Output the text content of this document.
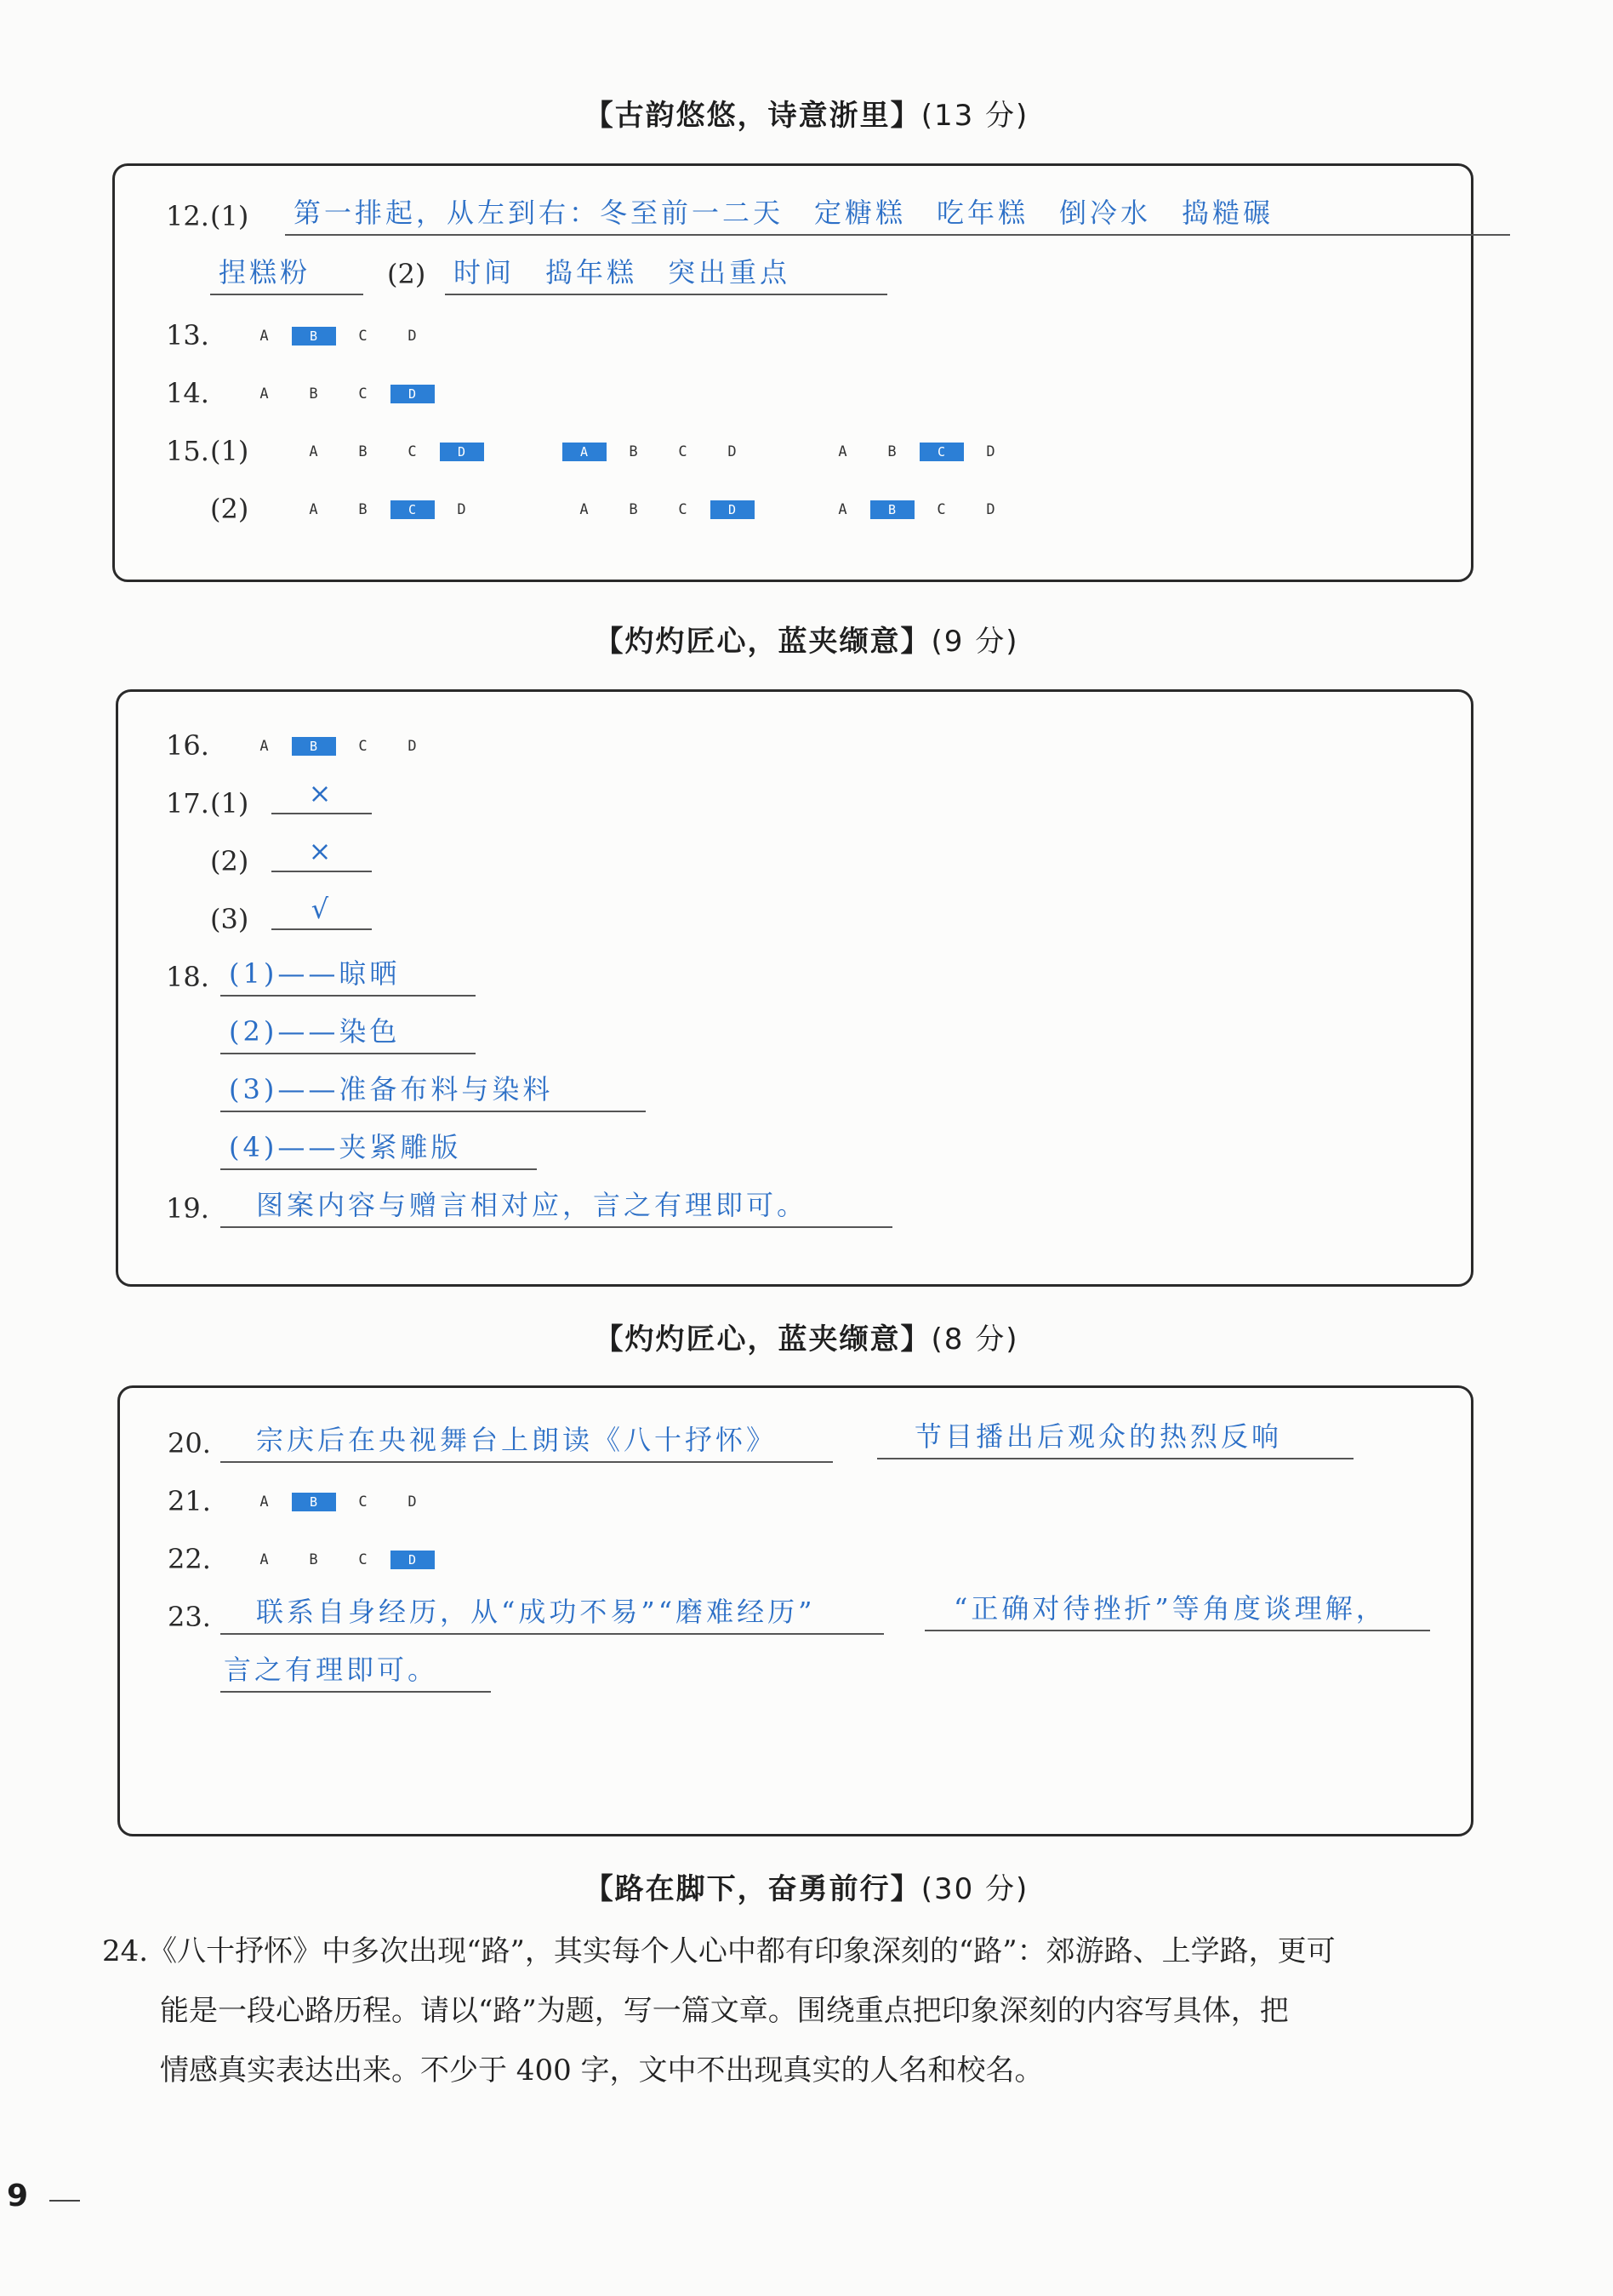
【古韵悠悠，诗意浙里】(13 分)
12. (1)	第一排起，从左到右：冬至前一二天　定糖糕　吃年糕　倒冷水　捣糙碾
捏糕粉	(2)	时间　捣年糕　突出重点
13.	A	B	C	D
14.	A	B	C	D
15. (1)	A	B	C	D	A	B	C	D	A	B	C	D
(2)	A	B	C	D	A	B	C	D	A	B	C	D
【灼灼匠心，蓝夹缬意】(9 分)
16.	A	B	C	D
17. (1)	×
(2)	×
(3)	√
18. (1)——晾晒
(2)——染色
(3)——准备布料与染料
(4)——夹紧雕版
19.	图案内容与赠言相对应，言之有理即可。
【灼灼匠心，蓝夹缬意】(8 分)
20.	宗庆后在央视舞台上朗读《八十抒怀》	节目播出后观众的热烈反响
21.	A	B	C	D
22.	A	B	C	D
23.	联系自身经历，从“成功不易”“磨难经历”	“正确对待挫折”等角度谈理解，
言之有理即可。
【路在脚下，奋勇前行】(30 分)
24.《八十抒怀》中多次出现“路”，其实每个人心中都有印象深刻的“路”：郊游路、上学路，更可
能是一段心路历程。请以“路”为题，写一篇文章。围绕重点把印象深刻的内容写具体，把
情感真实表达出来。不少于 400 字，文中不出现真实的人名和校名。
9
